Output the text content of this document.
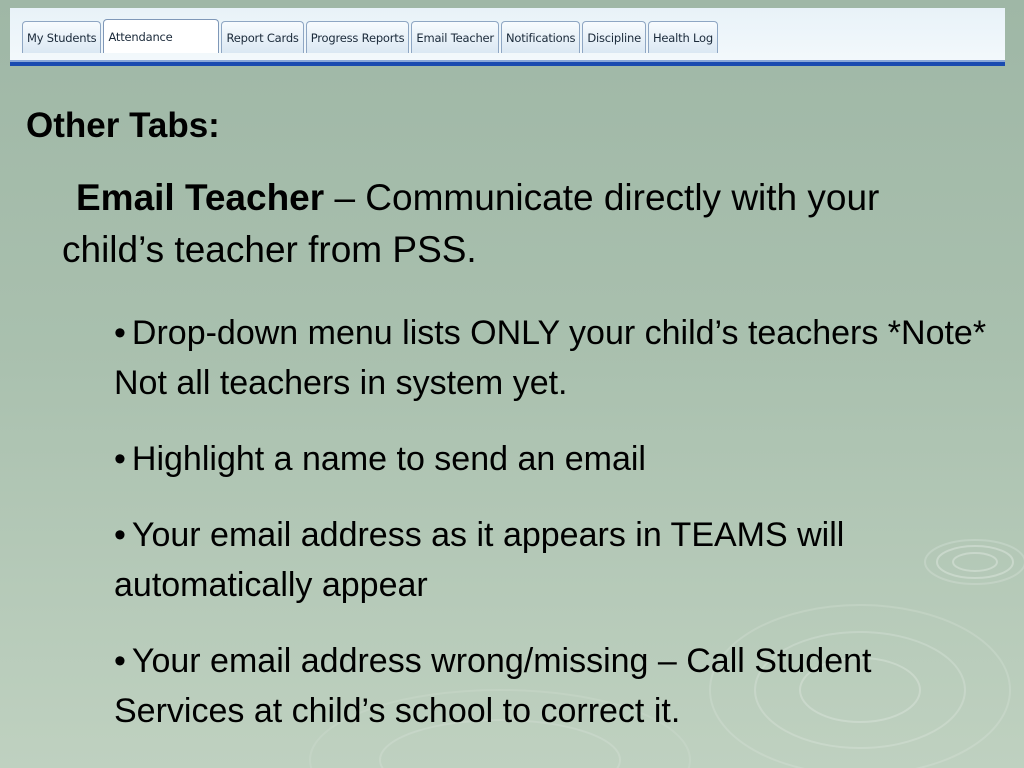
My Students	Attendance	Report Cards	Progress Reports	Email Teacher	Notifications	Discipline	Health Log
Other Tabs:

Email Teacher – Communicate directly with your child’s teacher from PSS.

• Drop-down menu lists ONLY your child’s teachers *Note* Not all teachers in system yet.
• Highlight a name to send an email
• Your email address as it appears in TEAMS will automatically appear
• Your email address wrong/missing – Call Student Services at child’s school to correct it.
